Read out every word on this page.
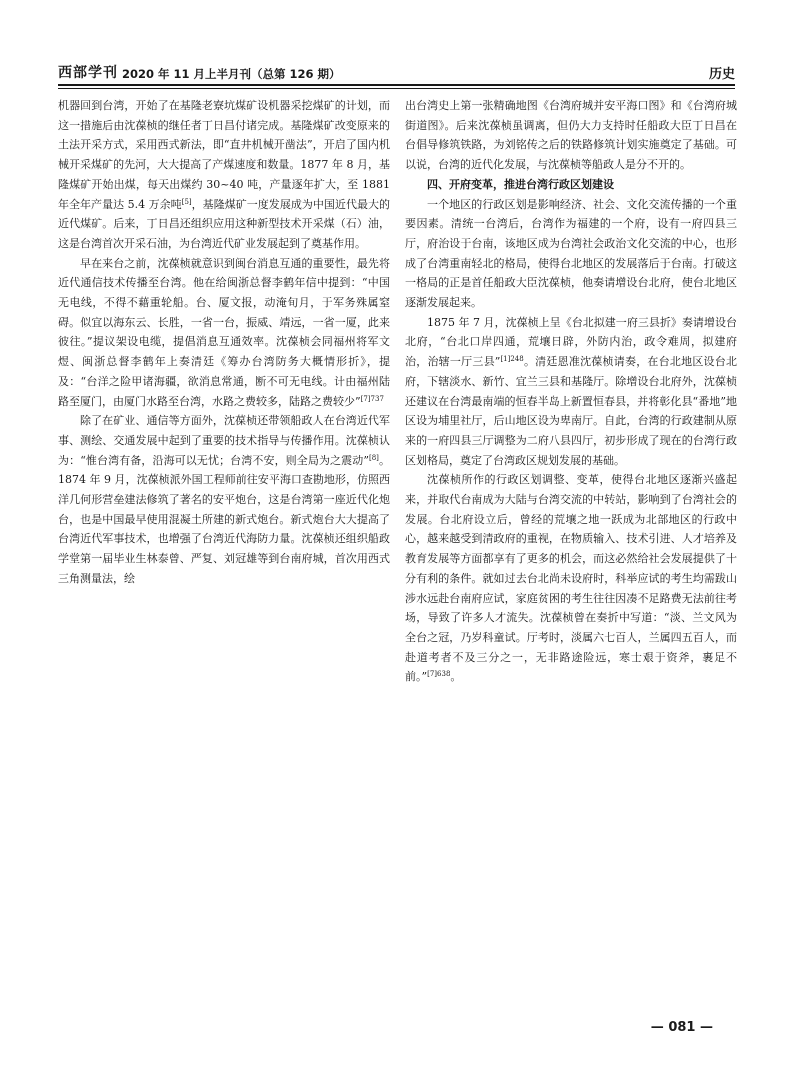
西部学刊 2020 年 11 月上半月刊（总第 126 期）	历史

机器回到台湾，开始了在基隆老寮坑煤矿设机器采挖煤矿的计划，而这一措施后由沈葆桢的继任者丁日昌付诸完成。基隆煤矿改变原来的土法开采方式，采用西式新法，即“直井机械开凿法”，开启了国内机械开采煤矿的先河，大大提高了产煤速度和数量。1877 年 8 月，基隆煤矿开始出煤，每天出煤约 30~40 吨，产量逐年扩大，至 1881 年全年产量达 5.4 万余吨[5]，基隆煤矿一度发展成为中国近代最大的近代煤矿。后来，丁日昌还组织应用这种新型技术开采煤（石）油，这是台湾首次开采石油，为台湾近代矿业发展起到了奠基作用。

早在来台之前，沈葆桢就意识到闽台消息互通的重要性，最先将近代通信技术传播至台湾。他在给闽浙总督李鹤年信中提到：“中国无电线，不得不藉重轮船。台、厦文报，动淹旬月，于军务殊属窒碍。似宜以海东云、长胜，一省一台，振威、靖远，一省一厦，此来彼往。”提议架设电缆，提倡消息互通效率。沈葆桢会同福州将军文煜、闽浙总督李鹤年上奏清廷《筹办台湾防务大概情形折》，提及：“台洋之险甲诸海疆，欲消息常通，断不可无电线。计由福州陆路至厦门，由厦门水路至台湾，水路之费较多，陆路之费较少”$^{[7]737}$

除了在矿业、通信等方面外，沈葆桢还带领船政人在台湾近代军事、测绘、交通发展中起到了重要的技术指导与传播作用。沈葆桢认为：“惟台湾有备，沿海可以无忧；台湾不安，则全局为之震动”[8]。1874 年 9 月，沈葆桢派外国工程师前往安平海口查勘地形，仿照西洋几何形营垒建法修筑了著名的安平炮台，这是台湾第一座近代化炮台，也是中国最早使用混凝土所建的新式炮台。新式炮台大大提高了台湾近代军事技术，也增强了台湾近代海防力量。沈葆桢还组织船政学堂第一届毕业生林泰曾、严复、刘冠雄等到台南府城，首次用西式三角测量法，绘

出台湾史上第一张精确地图《台湾府城并安平海口图》和《台湾府城街道图》。后来沈葆桢虽调离，但仍大力支持时任船政大臣丁日昌在台倡导修筑铁路，为刘铭传之后的铁路修筑计划实施奠定了基础。可以说，台湾的近代化发展，与沈葆桢等船政人是分不开的。

四、开府变革，推进台湾行政区划建设

一个地区的行政区划是影响经济、社会、文化交流传播的一个重要因素。清统一台湾后，台湾作为福建的一个府，设有一府四县三厅，府治设于台南，该地区成为台湾社会政治文化交流的中心，也形成了台湾重南轻北的格局，使得台北地区的发展落后于台南。打破这一格局的正是首任船政大臣沈葆桢，他奏请增设台北府，使台北地区逐渐发展起来。

1875 年 7 月，沈葆桢上呈《台北拟建一府三县折》奏请增设台北府，“台北口岸四通，荒壤日辟，外防内治，政令难周，拟建府治，治辖一厅三县”$^{[1]248}$。清廷恩准沈葆桢请奏，在台北地区设台北府，下辖淡水、新竹、宜兰三县和基隆厅。除增设台北府外，沈葆桢还建议在台湾最南端的恒春半岛上新置恒春县，并将彰化县“番地”地区设为埔里社厅，后山地区设为卑南厅。自此，台湾的行政建制从原来的一府四县三厅调整为二府八县四厅，初步形成了现在的台湾行政区划格局，奠定了台湾政区规划发展的基础。

沈葆桢所作的行政区划调整、变革，使得台北地区逐渐兴盛起来，并取代台南成为大陆与台湾交流的中转站，影响到了台湾社会的发展。台北府设立后，曾经的荒壤之地一跃成为北部地区的行政中心，越来越受到清政府的重视，在物质输入、技术引进、人才培养及教育发展等方面都享有了更多的机会，而这必然给社会发展提供了十分有利的条件。就如过去台北尚未设府时，科举应试的考生均需跋山涉水远赴台南府应试，家庭贫困的考生往往因凑不足路费无法前往考场，导致了许多人才流失。沈葆桢曾在奏折中写道：“淡、兰文风为全台之冠，乃岁科童试。厅考时，淡属六七百人，兰属四五百人，而赴道考者不及三分之一，无非路途险远，寒士艰于资斧，裹足不前。”$^{[7]638}$。

— 081 —
